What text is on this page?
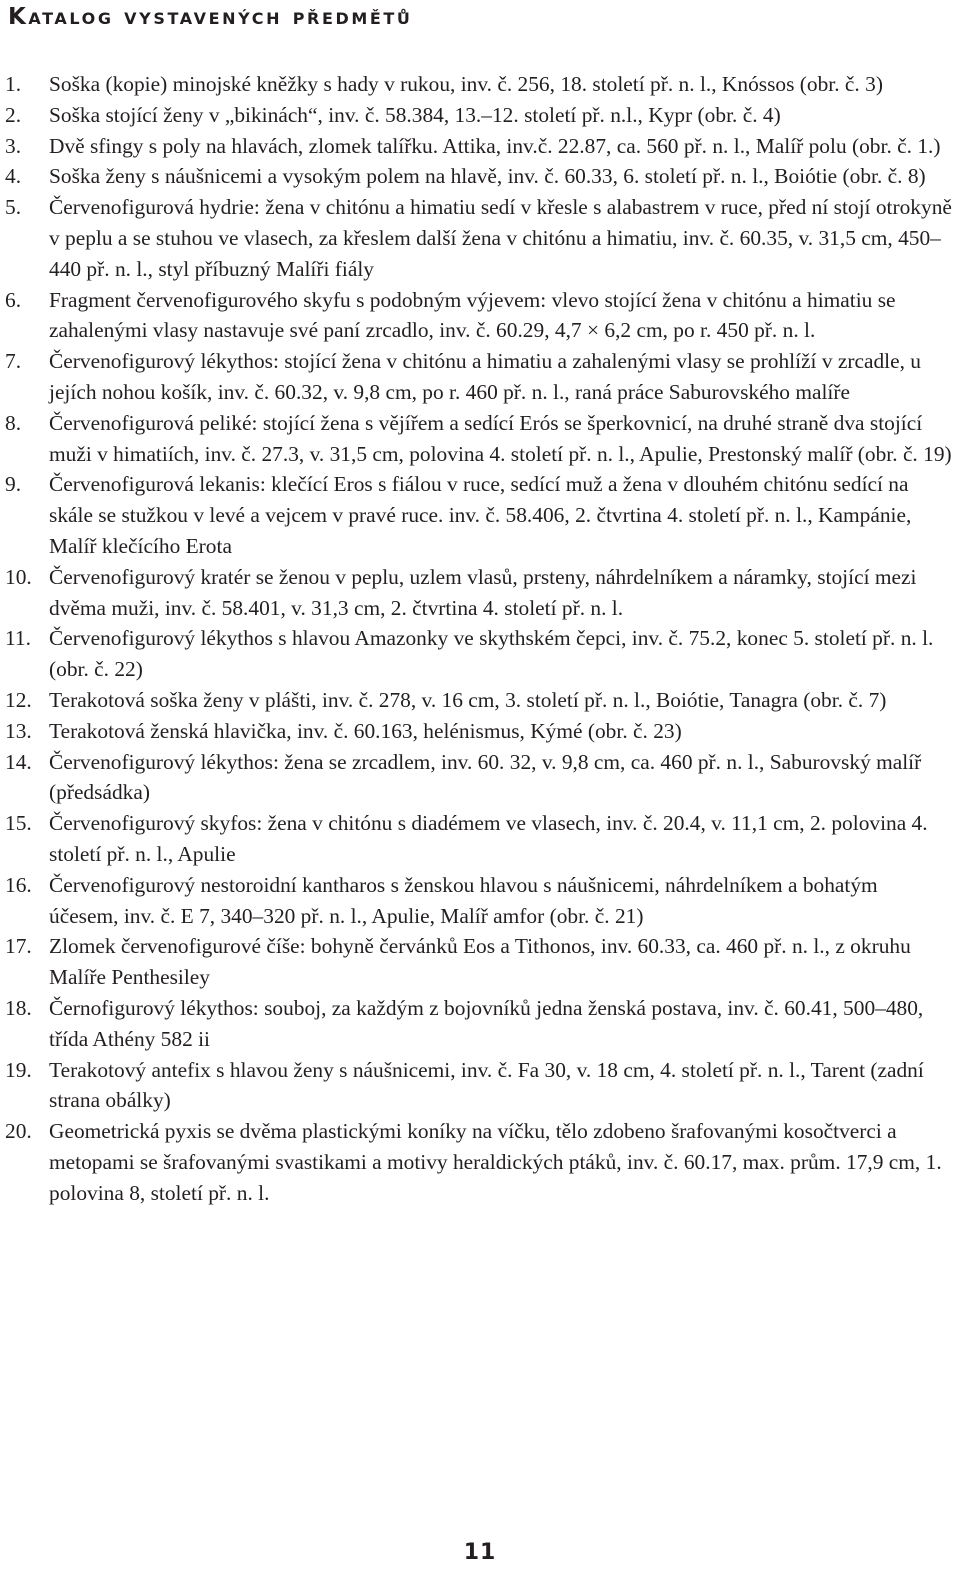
Katalog vystavených předmětů
1. Soška (kopie) minojské kněžky s hady v rukou, inv. č. 256, 18. století př. n. l., Knóssos (obr. č. 3)
2. Soška stojící ženy v „bikinách“, inv. č. 58.384, 13.–12. století př. n.l., Kypr (obr. č. 4)
3. Dvě sfingy s poly na hlavách, zlomek talířku. Attika, inv.č. 22.87, ca. 560 př. n. l., Malíř polu (obr. č. 1.)
4. Soška ženy s náušnicemi a vysokým polem na hlavě, inv. č. 60.33, 6. století př. n. l., Boiótie (obr. č. 8)
5. Červenofigurová hydrie: žena v chitónu a himatiu sedí v křesle s alabastrem v ruce, před ní stojí otrokyně v peplu a se stuhou ve vlasech, za křeslem další žena v chitónu a himatiu, inv. č. 60.35, v. 31,5 cm, 450–440 př. n. l., styl příbuzný Malíři fiály
6. Fragment červenofigurového skyfu s podobným výjevem: vlevo stojící žena v chitónu a himatiu se zahalenými vlasy nastavuje své paní zrcadlo, inv. č. 60.29, 4,7 × 6,2 cm, po r. 450 př. n. l.
7. Červenofigurový lékythos: stojící žena v chitónu a himatiu a zahalenými vlasy se prohlíží v zrcadle, u jejích nohou košík, inv. č. 60.32, v. 9,8 cm, po r. 460 př. n. l., raná práce Saburovského malíře
8. Červenofigurová peliké: stojící žena s vějířem a sedící Erós se šperkovnicí, na druhé straně dva stojící muži v himatiích, inv. č. 27.3, v. 31,5 cm, polovina 4. století př. n. l., Apulie, Prestonský malíř (obr. č. 19)
9. Červenofigurová lekanis: klečící Eros s fiálou v ruce, sedící muž a žena v dlouhém chitónu sedící na skále se stužkou v levé a vejcem v pravé ruce. inv. č. 58.406, 2. čtvrtina 4. století př. n. l., Kampánie, Malíř klečícího Erota
10. Červenofigurový kratér se ženou v peplu, uzlem vlasů, prsteny, náhrdelníkem a náramky, stojící mezi dvěma muži, inv. č. 58.401, v. 31,3 cm, 2. čtvrtina 4. století př. n. l.
11. Červenofigurový lékythos s hlavou Amazonky ve skythském čepci, inv. č. 75.2, konec 5. století př. n. l. (obr. č. 22)
12. Terakotová soška ženy v plášti, inv. č. 278, v. 16 cm, 3. století př. n. l., Boiótie, Tanagra (obr. č. 7)
13. Terakotová ženská hlavička, inv. č. 60.163, helénismus, Kýmé (obr. č. 23)
14. Červenofigurový lékythos: žena se zrcadlem, inv. 60. 32, v. 9,8 cm, ca. 460 př. n. l., Saburovský malíř (předsádka)
15. Červenofigurový skyfos: žena v chitónu s diadémem ve vlasech, inv. č. 20.4, v. 11,1 cm, 2. polovina 4. století př. n. l., Apulie
16. Červenofigurový nestoroidní kantharos s ženskou hlavou s náušnicemi, náhrdelníkem a bohatým účesem, inv. č. E 7, 340–320 př. n. l., Apulie, Malíř amfor (obr. č. 21)
17. Zlomek červenofigurové číše: bohyně červánků Eos a Tithonos, inv. 60.33, ca. 460 př. n. l., z okruhu Malíře Penthesiley
18. Černofigurový lékythos: souboj, za každým z bojovníků jedna ženská postava, inv. č. 60.41, 500–480, třída Athény 582 ii
19. Terakotový antefix s hlavou ženy s náušnicemi, inv. č. Fa 30, v. 18 cm, 4. století př. n. l., Tarent (zadní strana obálky)
20. Geometrická pyxis se dvěma plastickými koníky na víčku, tělo zdobeno šrafovanými kosočtverci a metopami se šrafovanými svastikami a motivy heraldických ptáků, inv. č. 60.17, max. prům. 17,9 cm, 1. polovina 8, století př. n. l.
11
